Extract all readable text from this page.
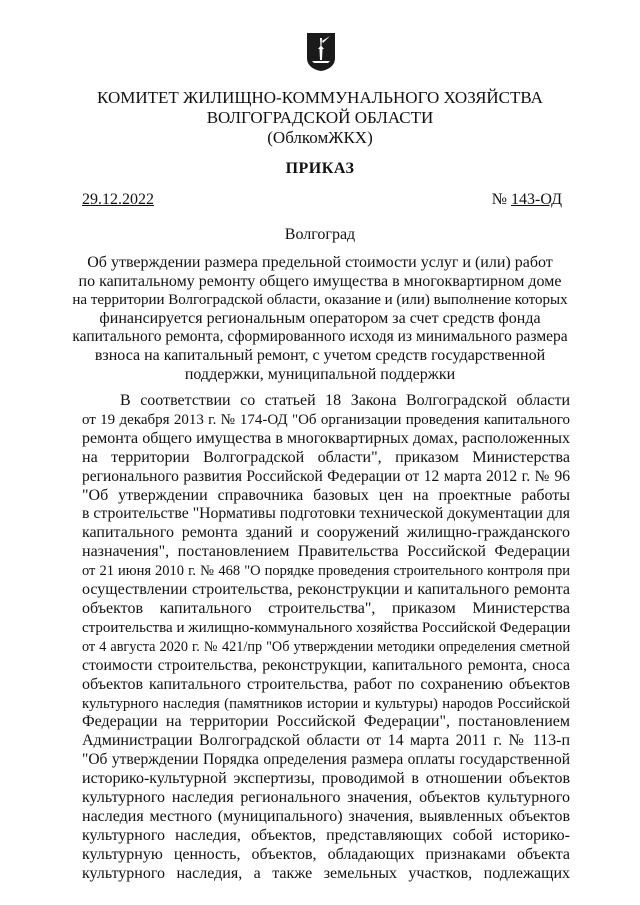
КОМИТЕТ ЖИЛИЩНО-КОММУНАЛЬНОГО ХОЗЯЙСТВА
ВОЛГОГРАДСКОЙ ОБЛАСТИ
(ОблкомЖКХ)
ПРИКАЗ
29.12.2022	№ 143-ОД
Волгоград
Об утверждении размера предельной стоимости услуг и (или) работ
по капитальному ремонту общего имущества в многоквартирном доме
на территории Волгоградской области, оказание и (или) выполнение которых
финансируется региональным оператором за счет средств фонда
капитального ремонта, сформированного исходя из минимального размера
взноса на капитальный ремонт, с учетом средств государственной
поддержки, муниципальной поддержки
В соответствии со статьей 18 Закона Волгоградской области
от 19 декабря 2013 г. № 174-ОД "Об организации проведения капитального
ремонта общего имущества в многоквартирных домах, расположенных
на территории Волгоградской области", приказом Министерства
регионального развития Российской Федерации от 12 марта 2012 г. № 96
"Об утверждении справочника базовых цен на проектные работы
в строительстве "Нормативы подготовки технической документации для
капитального ремонта зданий и сооружений жилищно-гражданского
назначения", постановлением Правительства Российской Федерации
от 21 июня 2010 г. № 468 "О порядке проведения строительного контроля при
осуществлении строительства, реконструкции и капитального ремонта
объектов капитального строительства", приказом Министерства
строительства и жилищно-коммунального хозяйства Российской Федерации
от 4 августа 2020 г. № 421/пр "Об утверждении методики определения сметной
стоимости строительства, реконструкции, капитального ремонта, сноса
объектов капитального строительства, работ по сохранению объектов
культурного наследия (памятников истории и культуры) народов Российской
Федерации на территории Российской Федерации", постановлением
Администрации Волгоградской области от 14 марта 2011 г. № 113-п
"Об утверждении Порядка определения размера оплаты государственной
историко-культурной экспертизы, проводимой в отношении объектов
культурного наследия регионального значения, объектов культурного
наследия местного (муниципального) значения, выявленных объектов
культурного наследия, объектов, представляющих собой историко-
культурную ценность, объектов, обладающих признаками объекта
культурного наследия, а также земельных участков, подлежащих
